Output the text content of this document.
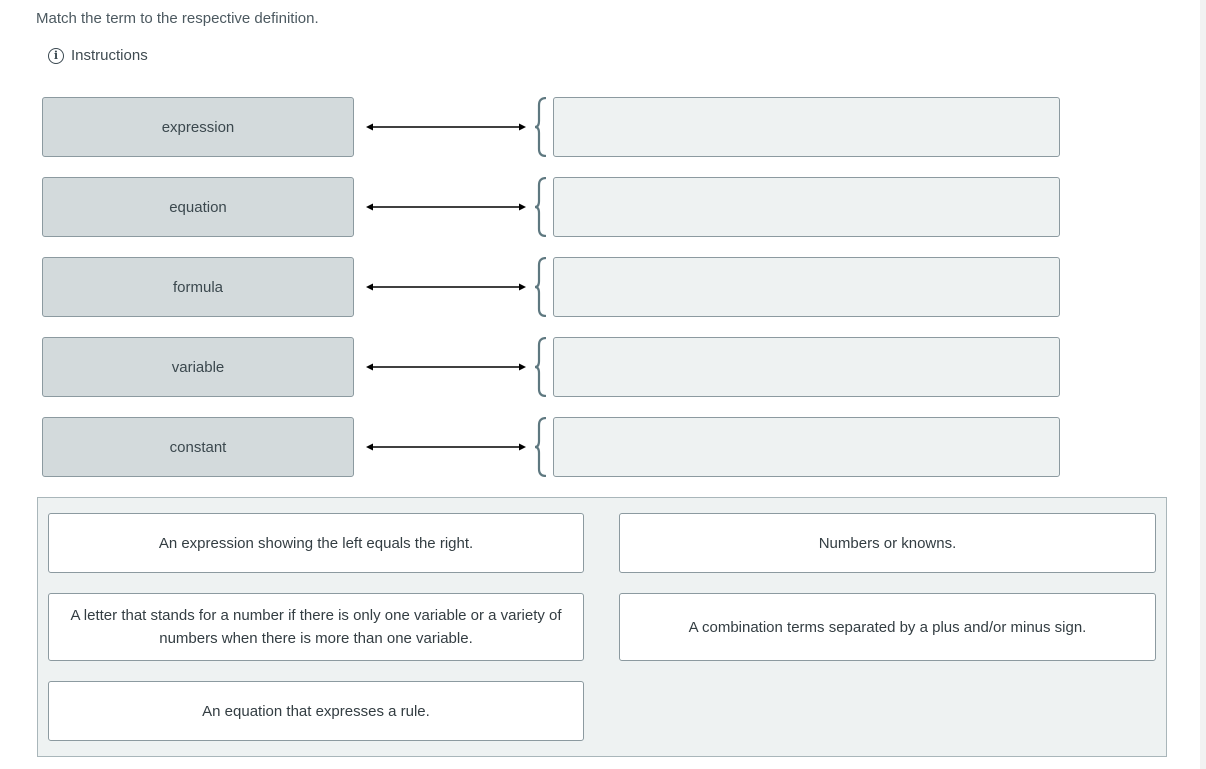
Match the term to the respective definition.
i Instructions
expression
equation
formula
variable
constant
An expression showing the left equals the right.	Numbers or knowns.
A letter that stands for a number if there is only one variable or a variety of numbers when there is more than one variable.
A combination terms separated by a plus and/or minus sign.
An equation that expresses a rule.
